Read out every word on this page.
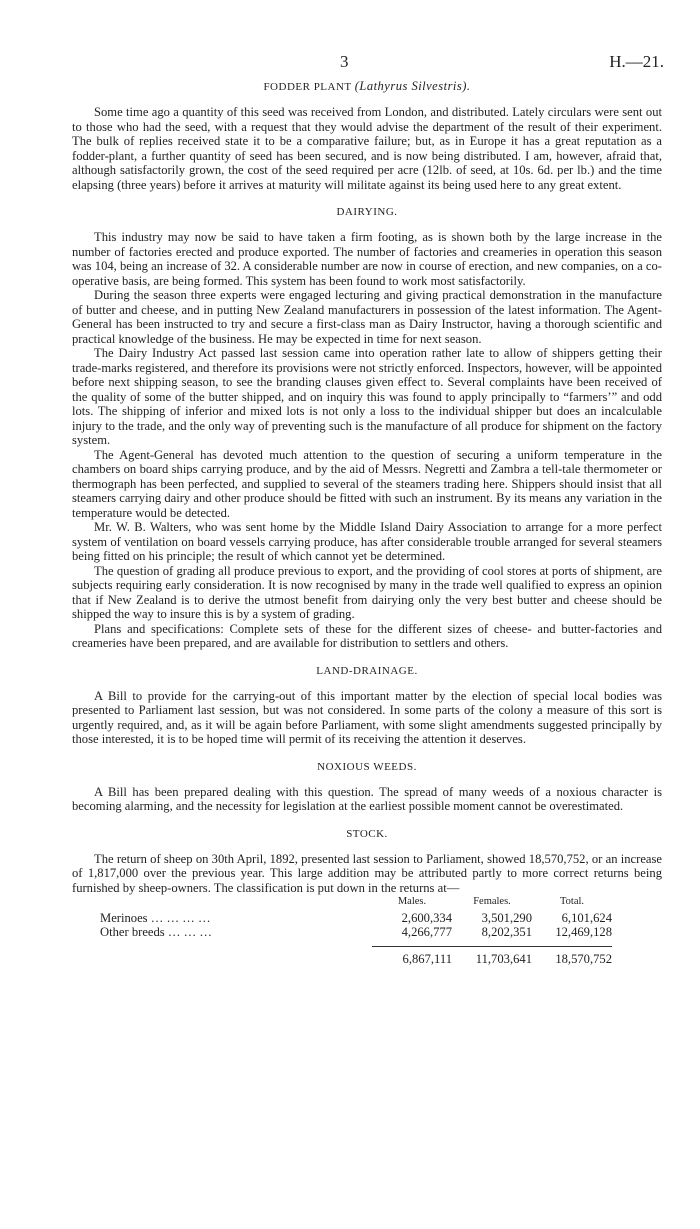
3	H.—21.
FODDER PLANT (Lathyrus Silvestris).

Some time ago a quantity of this seed was received from London, and distributed. Lately circulars were sent out to those who had the seed, with a request that they would advise the department of the result of their experiment. The bulk of replies received state it to be a comparative failure; but, as in Europe it has a great reputation as a fodder-plant, a further quantity of seed has been secured, and is now being distributed. I am, however, afraid that, although satisfactorily grown, the cost of the seed required per acre (12lb. of seed, at 10s. 6d. per lb.) and the time elapsing (three years) before it arrives at maturity will militate against its being used here to any great extent.

DAIRYING.

This industry may now be said to have taken a firm footing, as is shown both by the large increase in the number of factories erected and produce exported. The number of factories and creameries in operation this season was 104, being an increase of 32. A considerable number are now in course of erection, and new companies, on a co-operative basis, are being formed. This system has been found to work most satisfactorily.

During the season three experts were engaged lecturing and giving practical demonstration in the manufacture of butter and cheese, and in putting New Zealand manufacturers in possession of the latest information. The Agent-General has been instructed to try and secure a first-class man as Dairy Instructor, having a thorough scientific and practical knowledge of the business. He may be expected in time for next season.

The Dairy Industry Act passed last session came into operation rather late to allow of shippers getting their trade-marks registered, and therefore its provisions were not strictly enforced. Inspectors, however, will be appointed before next shipping season, to see the branding clauses given effect to. Several complaints have been received of the quality of some of the butter shipped, and on inquiry this was found to apply principally to “farmers’” and odd lots. The shipping of inferior and mixed lots is not only a loss to the individual shipper but does an incalculable injury to the trade, and the only way of preventing such is the manufacture of all produce for shipment on the factory system.

The Agent-General has devoted much attention to the question of securing a uniform temperature in the chambers on board ships carrying produce, and by the aid of Messrs. Negretti and Zambra a tell-tale thermometer or thermograph has been perfected, and supplied to several of the steamers trading here. Shippers should insist that all steamers carrying dairy and other produce should be fitted with such an instrument. By its means any variation in the temperature would be detected.

Mr. W. B. Walters, who was sent home by the Middle Island Dairy Association to arrange for a more perfect system of ventilation on board vessels carrying produce, has after considerable trouble arranged for several steamers being fitted on his principle; the result of which cannot yet be determined.

The question of grading all produce previous to export, and the providing of cool stores at ports of shipment, are subjects requiring early consideration. It is now recognised by many in the trade well qualified to express an opinion that if New Zealand is to derive the utmost benefit from dairying only the very best butter and cheese should be shipped the way to insure this is by a system of grading.

Plans and specifications: Complete sets of these for the different sizes of cheese- and butter-factories and creameries have been prepared, and are available for distribution to settlers and others.

LAND-DRAINAGE.

A Bill to provide for the carrying-out of this important matter by the election of special local bodies was presented to Parliament last session, but was not considered. In some parts of the colony a measure of this sort is urgently required, and, as it will be again before Parliament, with some slight amendments suggested principally by those interested, it is to be hoped time will permit of its receiving the attention it deserves.

NOXIOUS WEEDS.

A Bill has been prepared dealing with this question. The spread of many weeds of a noxious character is becoming alarming, and the necessity for legislation at the earliest possible moment cannot be overestimated.

STOCK.

The return of sheep on 30th April, 1892, presented last session to Parliament, showed 18,570,752, or an increase of 1,817,000 over the previous year. This large addition may be attributed partly to more correct returns being furnished by sheep-owners. The classification is put down in the returns at—

	Males.	Females.	Total.
Merinoes … … … …	2,600,334	3,501,290	6,101,624
Other breeds … … …	4,266,777	8,202,351	12,469,128

	6,867,111	11,703,641	18,570,752
